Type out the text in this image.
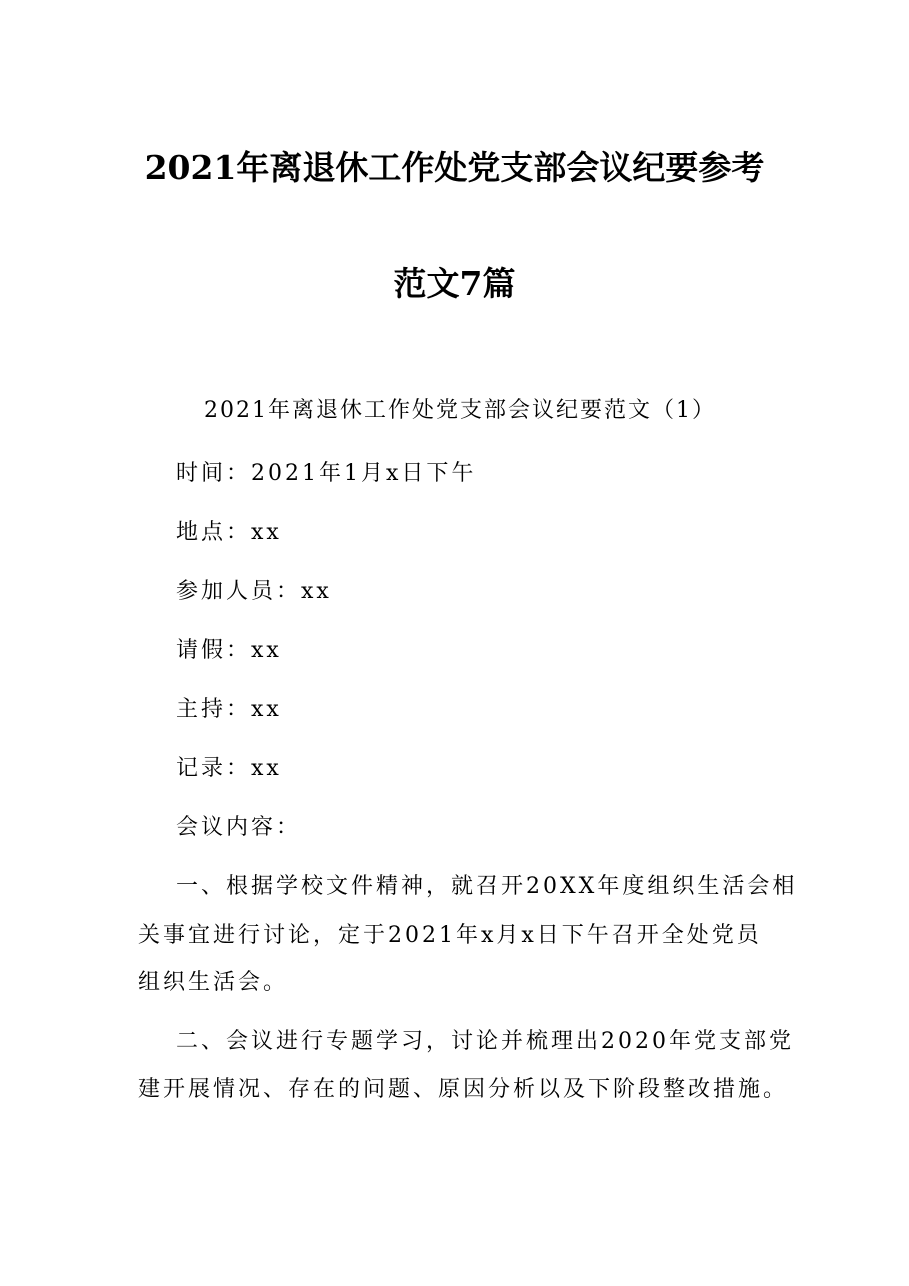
2021年离退休工作处党支部会议纪要参考
范文7篇
2021年离退休工作处党支部会议纪要范文（1）
时间：2021年1月x日下午
地点：xx
参加人员：xx
请假：xx
主持：xx
记录：xx
会议内容：
一、根据学校文件精神，就召开20XX年度组织生活会相
关事宜进行讨论，定于2021年x月x日下午召开全处党员
组织生活会。
二、会议进行专题学习，讨论并梳理出2020年党支部党
建开展情况、存在的问题、原因分析以及下阶段整改措施。
